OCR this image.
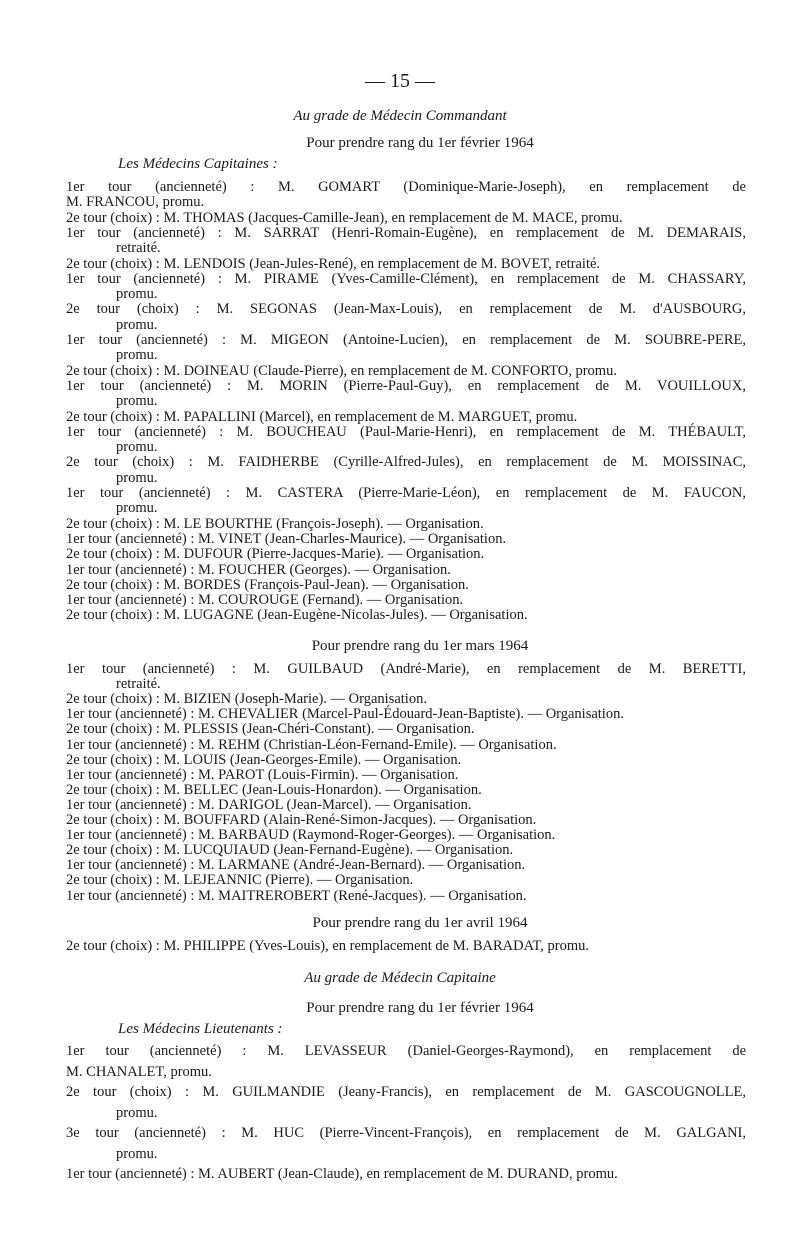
— 15 —
Au grade de Médecin Commandant
Pour prendre rang du 1er février 1964
Les Médecins Capitaines :
1er tour (ancienneté) : M. GOMART (Dominique-Marie-Joseph), en remplacement de
M. FRANCOU, promu.
2e tour (choix) : M. THOMAS (Jacques-Camille-Jean), en remplacement de M. MACE, promu.
1er tour (ancienneté) : M. SARRAT (Henri-Romain-Eugène), en remplacement de M. DEMARAIS,
retraité.
2e tour (choix) : M. LENDOIS (Jean-Jules-René), en remplacement de M. BOVET, retraité.
1er tour (ancienneté) : M. PIRAME (Yves-Camille-Clément), en remplacement de M. CHASSARY,
promu.
2e tour (choix) : M. SEGONAS (Jean-Max-Louis), en remplacement de M. d'AUSBOURG,
promu.
1er tour (ancienneté) : M. MIGEON (Antoine-Lucien), en remplacement de M. SOUBRE-PERE,
promu.
2e tour (choix) : M. DOINEAU (Claude-Pierre), en remplacement de M. CONFORTO, promu.
1er tour (ancienneté) : M. MORIN (Pierre-Paul-Guy), en remplacement de M. VOUILLOUX,
promu.
2e tour (choix) : M. PAPALLINI (Marcel), en remplacement de M. MARGUET, promu.
1er tour (ancienneté) : M. BOUCHEAU (Paul-Marie-Henri), en remplacement de M. THÉBAULT,
promu.
2e tour (choix) : M. FAIDHERBE (Cyrille-Alfred-Jules), en remplacement de M. MOISSINAC,
promu.
1er tour (ancienneté) : M. CASTERA (Pierre-Marie-Léon), en remplacement de M. FAUCON,
promu.
2e tour (choix) : M. LE BOURTHE (François-Joseph). — Organisation.
1er tour (ancienneté) : M. VINET (Jean-Charles-Maurice). — Organisation.
2e tour (choix) : M. DUFOUR (Pierre-Jacques-Marie). — Organisation.
1er tour (ancienneté) : M. FOUCHER (Georges). — Organisation.
2e tour (choix) : M. BORDES (François-Paul-Jean). — Organisation.
1er tour (ancienneté) : M. COUROUGE (Fernand). — Organisation.
2e tour (choix) : M. LUGAGNE (Jean-Eugène-Nicolas-Jules). — Organisation.
Pour prendre rang du 1er mars 1964
1er tour (ancienneté) : M. GUILBAUD (André-Marie), en remplacement de M. BERETTI,
retraité.
2e tour (choix) : M. BIZIEN (Joseph-Marie). — Organisation.
1er tour (ancienneté) : M. CHEVALIER (Marcel-Paul-Édouard-Jean-Baptiste). — Organisation.
2e tour (choix) : M. PLESSIS (Jean-Chéri-Constant). — Organisation.
1er tour (ancienneté) : M. REHM (Christian-Léon-Fernand-Emile). — Organisation.
2e tour (choix) : M. LOUIS (Jean-Georges-Emile). — Organisation.
1er tour (ancienneté) : M. PAROT (Louis-Firmin). — Organisation.
2e tour (choix) : M. BELLEC (Jean-Louis-Honardon). — Organisation.
1er tour (ancienneté) : M. DARIGOL (Jean-Marcel). — Organisation.
2e tour (choix) : M. BOUFFARD (Alain-René-Simon-Jacques). — Organisation.
1er tour (ancienneté) : M. BARBAUD (Raymond-Roger-Georges). — Organisation.
2e tour (choix) : M. LUCQUIAUD (Jean-Fernand-Eugène). — Organisation.
1er tour (ancienneté) : M. LARMANE (André-Jean-Bernard). — Organisation.
2e tour (choix) : M. LEJEANNIC (Pierre). — Organisation.
1er tour (ancienneté) : M. MAITREROBERT (René-Jacques). — Organisation.
Pour prendre rang du 1er avril 1964
2e tour (choix) : M. PHILIPPE (Yves-Louis), en remplacement de M. BARADAT, promu.
Au grade de Médecin Capitaine
Pour prendre rang du 1er février 1964
Les Médecins Lieutenants :
1er tour (ancienneté) : M. LEVASSEUR (Daniel-Georges-Raymond), en remplacement de
M. CHANALET, promu.
2e tour (choix) : M. GUILMANDIE (Jeany-Francis), en remplacement de M. GASCOUGNOLLE,
promu.
3e tour (ancienneté) : M. HUC (Pierre-Vincent-François), en remplacement de M. GALGANI,
promu.
1er tour (ancienneté) : M. AUBERT (Jean-Claude), en remplacement de M. DURAND, promu.
